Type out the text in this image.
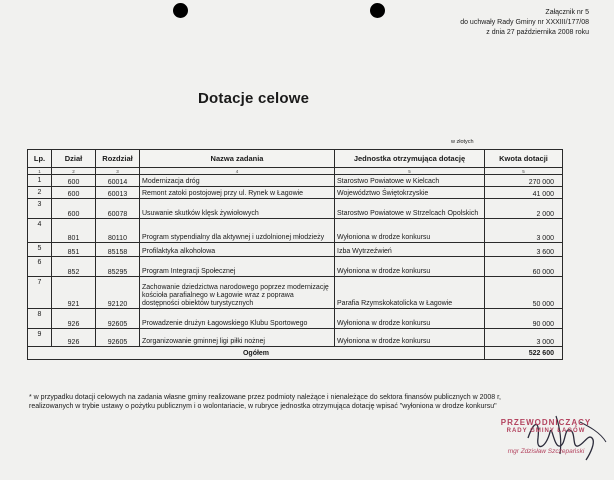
Załącznik nr 5
do uchwały Rady Gminy nr XXXIII/177/08
z dnia 27 października 2008 roku
Dotacje celowe
w złotych
Lp.	Dział	Rozdział	Nazwa zadania	Jednostka otrzymująca dotację	Kwota dotacji
1	2	3	4	5	5
1	600	60014	Modernizacja dróg	Starostwo Powiatowe w Kielcach	270 000
2	600	60013	Remont zatoki postojowej przy ul. Rynek w Łagowie	Województwo Świętokrzyskie	41 000
3	600	60078	Usuwanie skutków klęsk żywiołowych	Starostwo Powiatowe w Strzelcach Opolskich	2 000
4	801	80110	Program stypendialny dla aktywnej i uzdolnionej młodzieży	Wyłoniona w drodze konkursu	3 000
5	851	85158	Profilaktyka alkoholowa	Izba Wytrzeźwień	3 600
6	852	85295	Program Integracji Społecznej	Wyłoniona w drodze konkursu	60 000
7	921	92120	Zachowanie dziedzictwa narodowego poprzez modernizację kościoła parafialnego w Łagowie wraz z poprawa dostępności obiektów turystycznych	Parafia Rzymskokatolicka w Łagowie	50 000
8	926	92605	Prowadzenie drużyn Łagowskiego Klubu Sportowego	Wyłoniona w drodze konkursu	90 000
9	926	92605	Zorganizowanie gminnej ligi piłki nożnej	Wyłoniona w drodze konkursu	3 000
Ogółem					522 600
* w przypadku dotacji celowych na zadania własne gminy realizowane przez podmioty należące i nienależące do sektora finansów publicznych w 2008 r, realizowanych w trybie ustawy o pożytku publicznym i o wolontariacie, w rubryce jednostka otrzymująca dotację wpisać "wyłoniona w drodze konkursu"
PRZEWODNICZĄCY
RADY GMINY ŁAGÓW
mgr Zdzisław Szczepański
